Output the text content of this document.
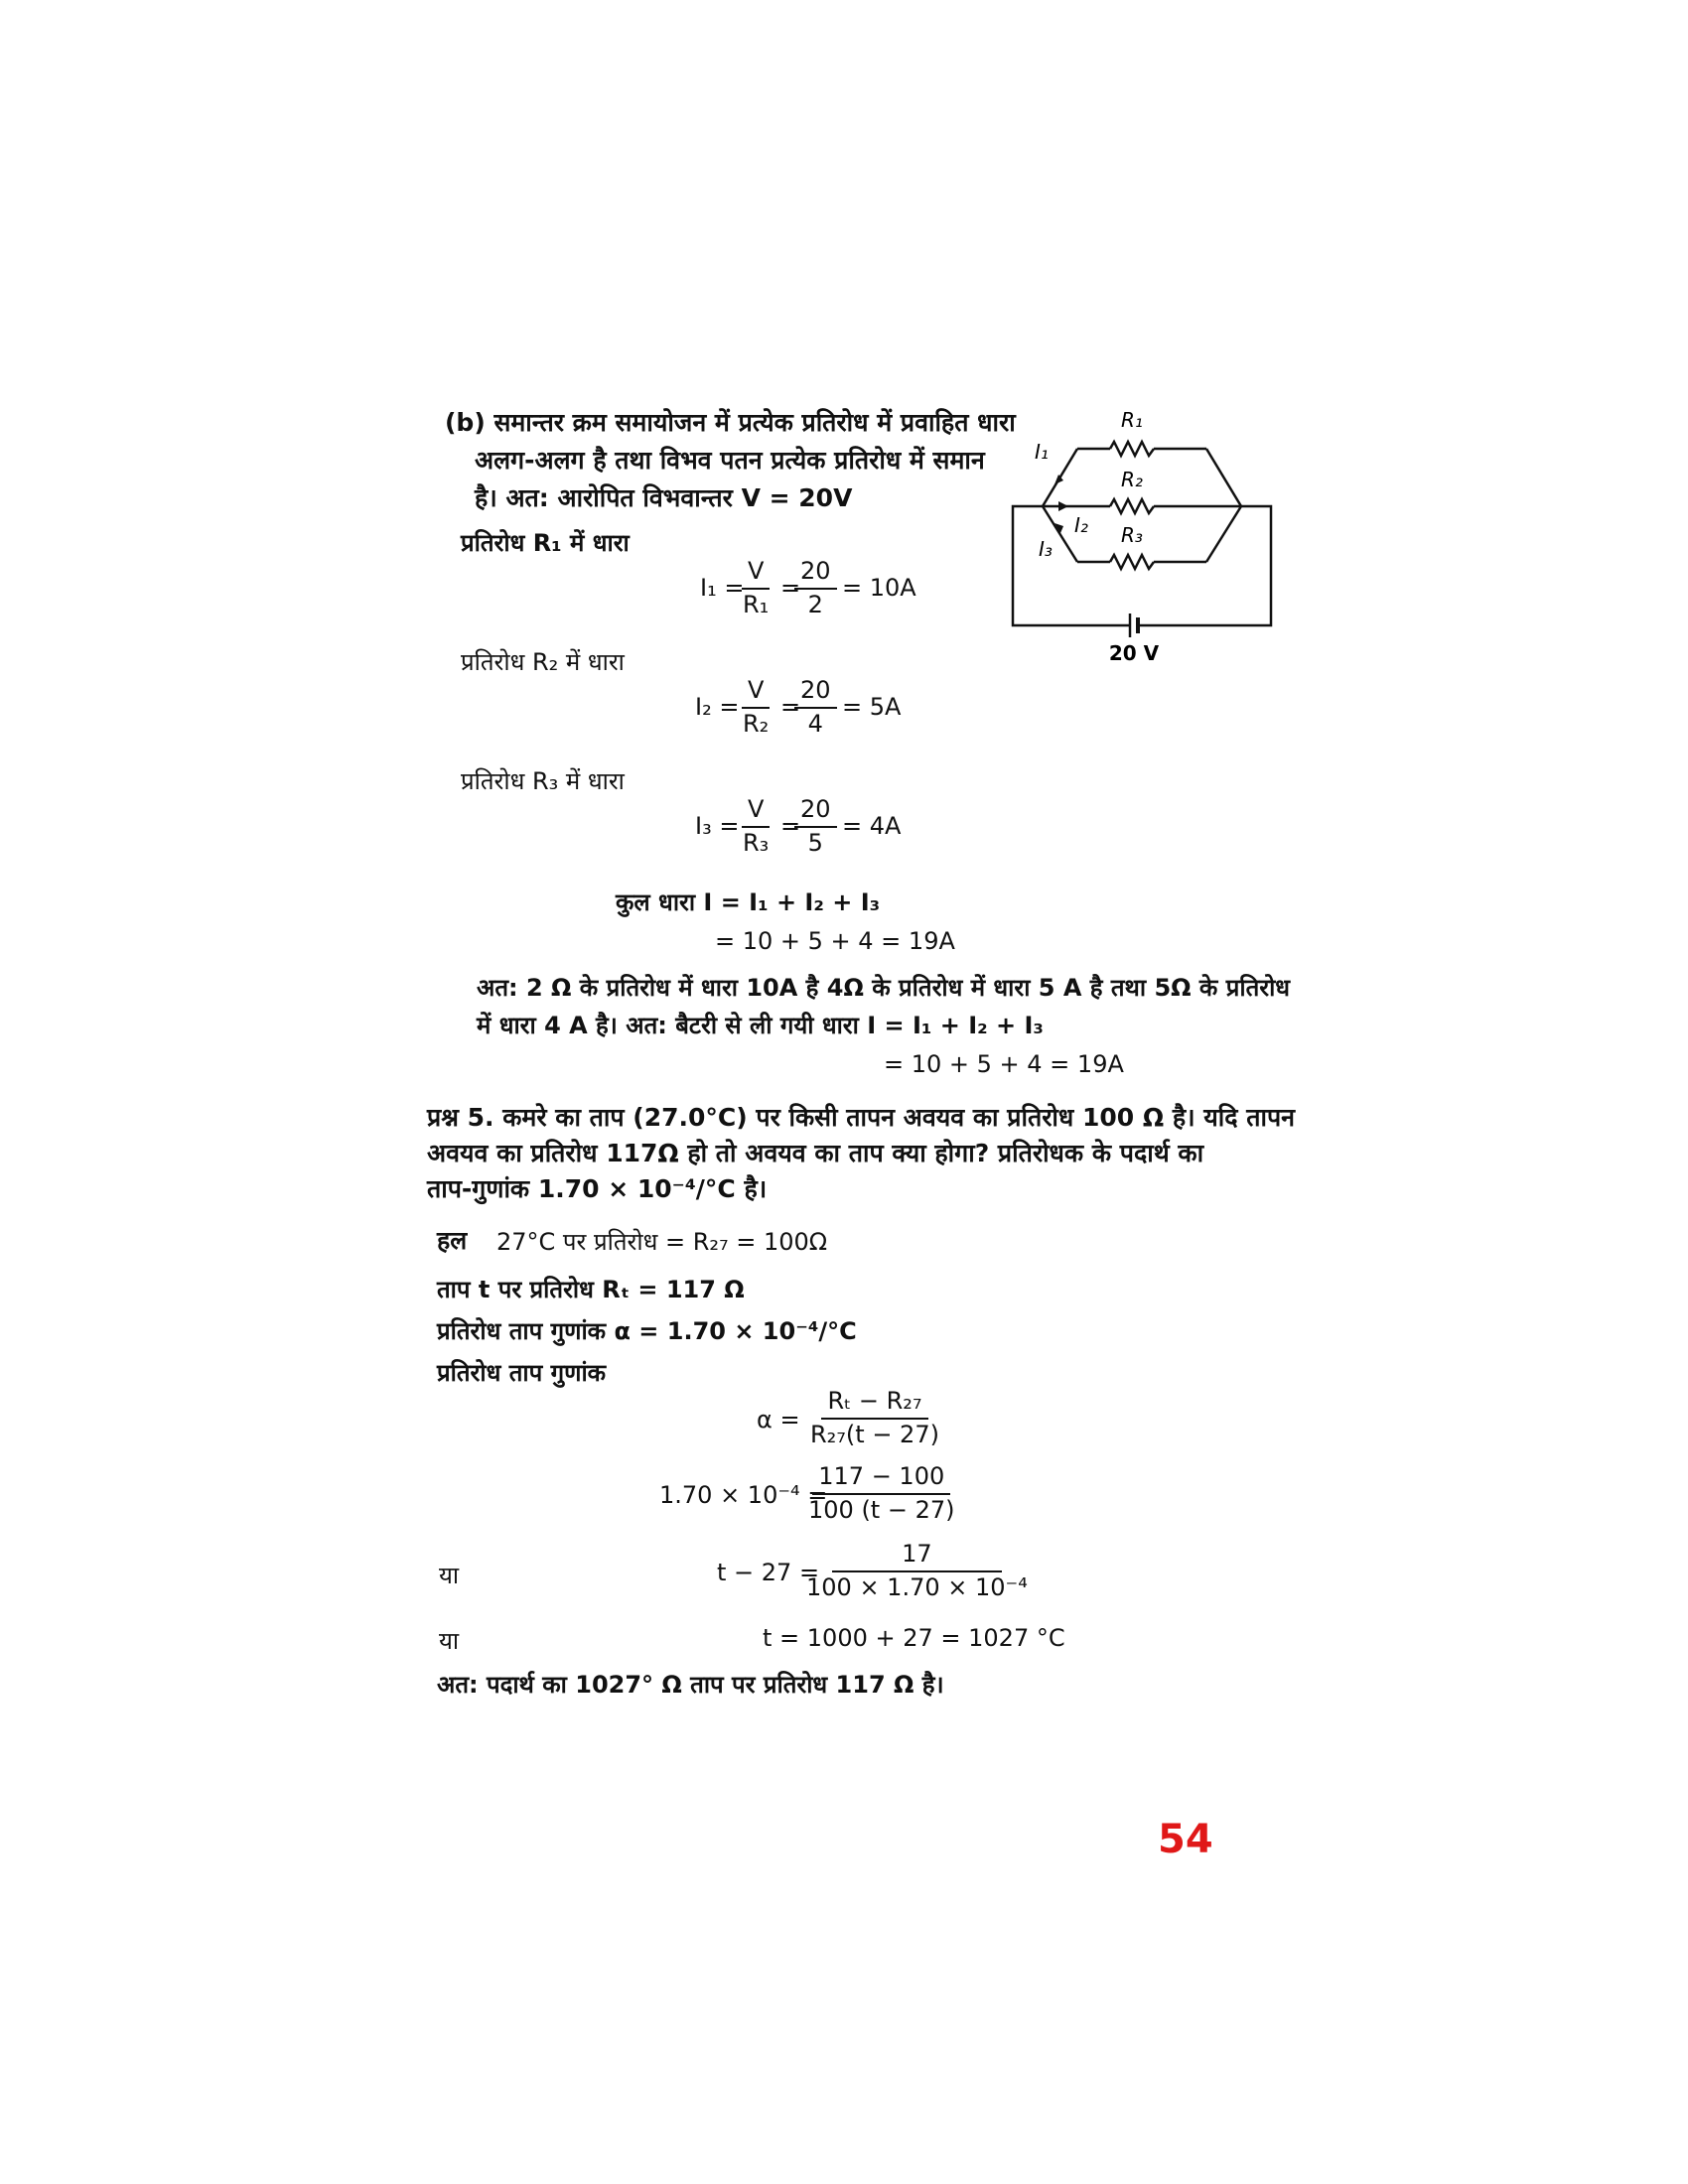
(b) समान्तर क्रम समायोजन में प्रत्येक प्रतिरोध में प्रवाहित धारा
अलग-अलग है तथा विभव पतन प्रत्येक प्रतिरोध में समान
है। अत: आरोपित विभवान्तर V = 20V
प्रतिरोध R₁ में धारा
I₁ =
$\frac{V}{\text{R₁}}$ =
$\frac{20}{2} = 10A$
प्रतिरोध R₂ में धारा
I₂ =
$\frac{V}{\text{R₂}}$ =
$\frac{20}{4} = 5A$
प्रतिरोध R₃ में धारा
I₃ =
$\frac{V}{\text{R₃}}$ =
$\frac{20}{5} = 4A$
कुल धारा I = I₁ + I₂ + I₃
= 10 + 5 + 4 = 19A
अत: 2 Ω के प्रतिरोध में धारा 10A है 4Ω के प्रतिरोध में धारा 5 A है तथा 5Ω के प्रतिरोध
में धारा 4 A है। अत: बैटरी से ली गयी धारा I = I₁ + I₂ + I₃
= 10 + 5 + 4 = 19A
R₁
R₂
R₃
I₁
I₂
I₃
20 V
प्रश्न 5. कमरे का ताप (27.0°C) पर किसी तापन अवयव का प्रतिरोध 100 Ω है। यदि तापन
अवयव का प्रतिरोध 117Ω हो तो अवयव का ताप क्या होगा? प्रतिरोधक के पदार्थ का
ताप-गुणांक 1.70 × 10⁻⁴/°C है।
हल 27°C पर प्रतिरोध = R₂₇ = 100Ω
ताप t पर प्रतिरोध Rₜ = 117 Ω
प्रतिरोध ताप गुणांक α = 1.70 × 10⁻⁴/°C
प्रतिरोध ताप गुणांक
$\alpha = \frac{\text{Rₜ − R₂₇}}{\text{R₂₇(t − 27)}}$
1.70 × 10⁻⁴ =
$\frac{117 - 100}{100 (t - 27)}$
या	t − 27 =
$\frac{17}{\text{100 × 1.70 × 10⁻⁴}}$
या	t = 1000 + 27 = 1027 °C
अत: पदार्थ का 1027° Ω ताप पर प्रतिरोध 117 Ω है।
54
